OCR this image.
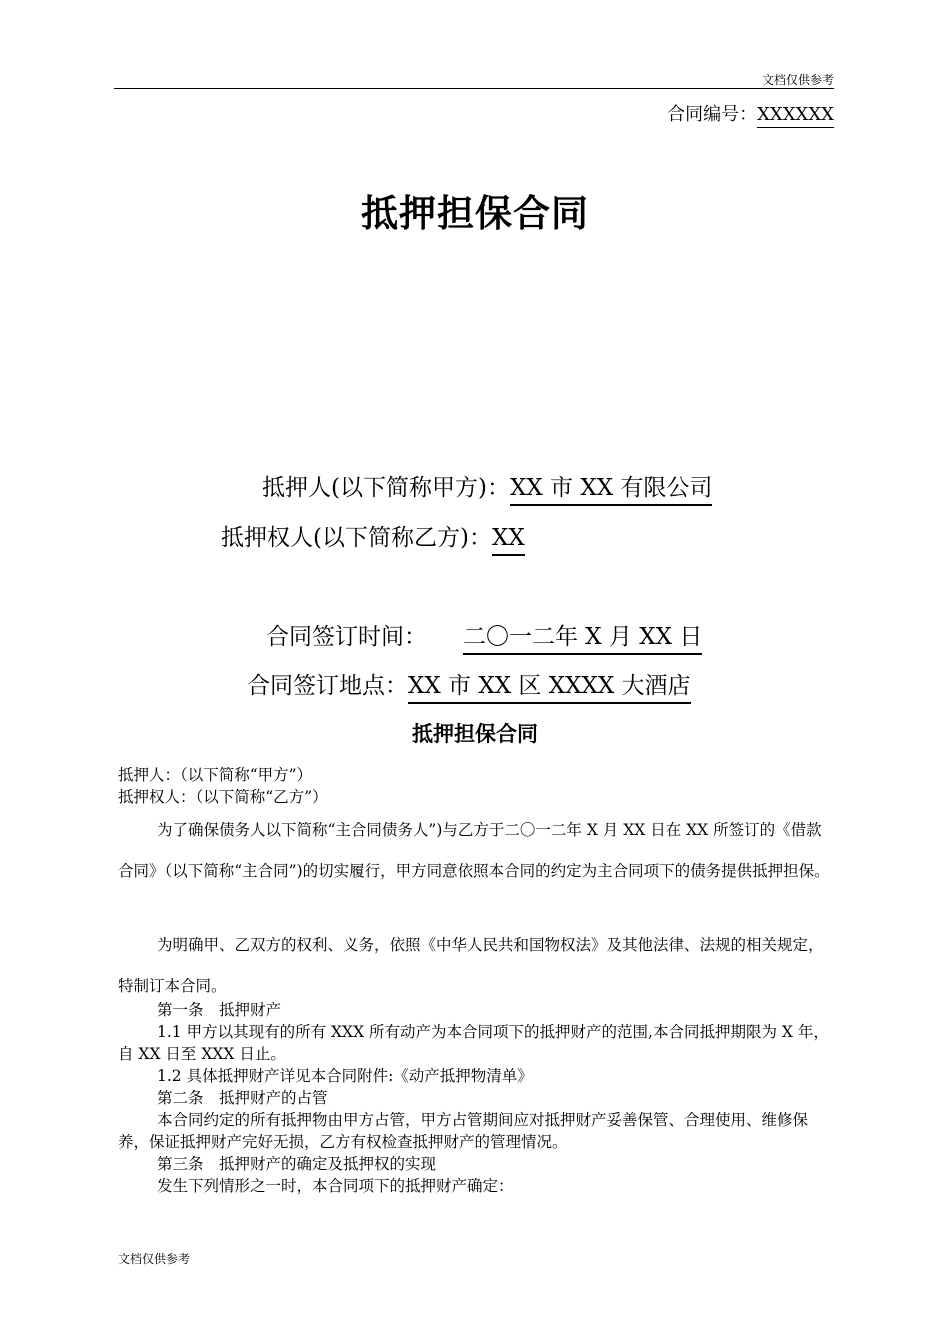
文档仅供参考
合同编号：XXXXXX
抵押担保合同
抵押人(以下简称甲方)：XX 市 XX 有限公司
抵押权人(以下简称乙方)：XX
合同签订时间： 二〇一二年 X 月 XX 日
合同签订地点：XX 市 XX 区 XXXX 大酒店
抵押担保合同
抵押人：（以下简称“甲方”）
抵押权人：（以下简称“乙方”）
为了确保债务人以下简称“主合同债务人”)与乙方于二〇一二年 X 月 XX 日在 XX 所签订的《借款合同》（以下简称“主合同”)的切实履行，甲方同意依照本合同的约定为主合同项下的债务提供抵押担保。
为明确甲、乙双方的权利、义务，依照《中华人民共和国物权法》及其他法律、法规的相关规定，特制订本合同。
第一条　抵押财产
1.1 甲方以其现有的所有 XXX 所有动产为本合同项下的抵押财产的范围,本合同抵押期限为 X 年，自 XX 日至 XXX 日止。
1.2 具体抵押财产详见本合同附件:《动产抵押物清单》
第二条　抵押财产的占管
本合同约定的所有抵押物由甲方占管，甲方占管期间应对抵押财产妥善保管、合理使用、维修保养，保证抵押财产完好无损，乙方有权检查抵押财产的管理情况。
第三条　抵押财产的确定及抵押权的实现
发生下列情形之一时，本合同项下的抵押财产确定：
文档仅供参考
